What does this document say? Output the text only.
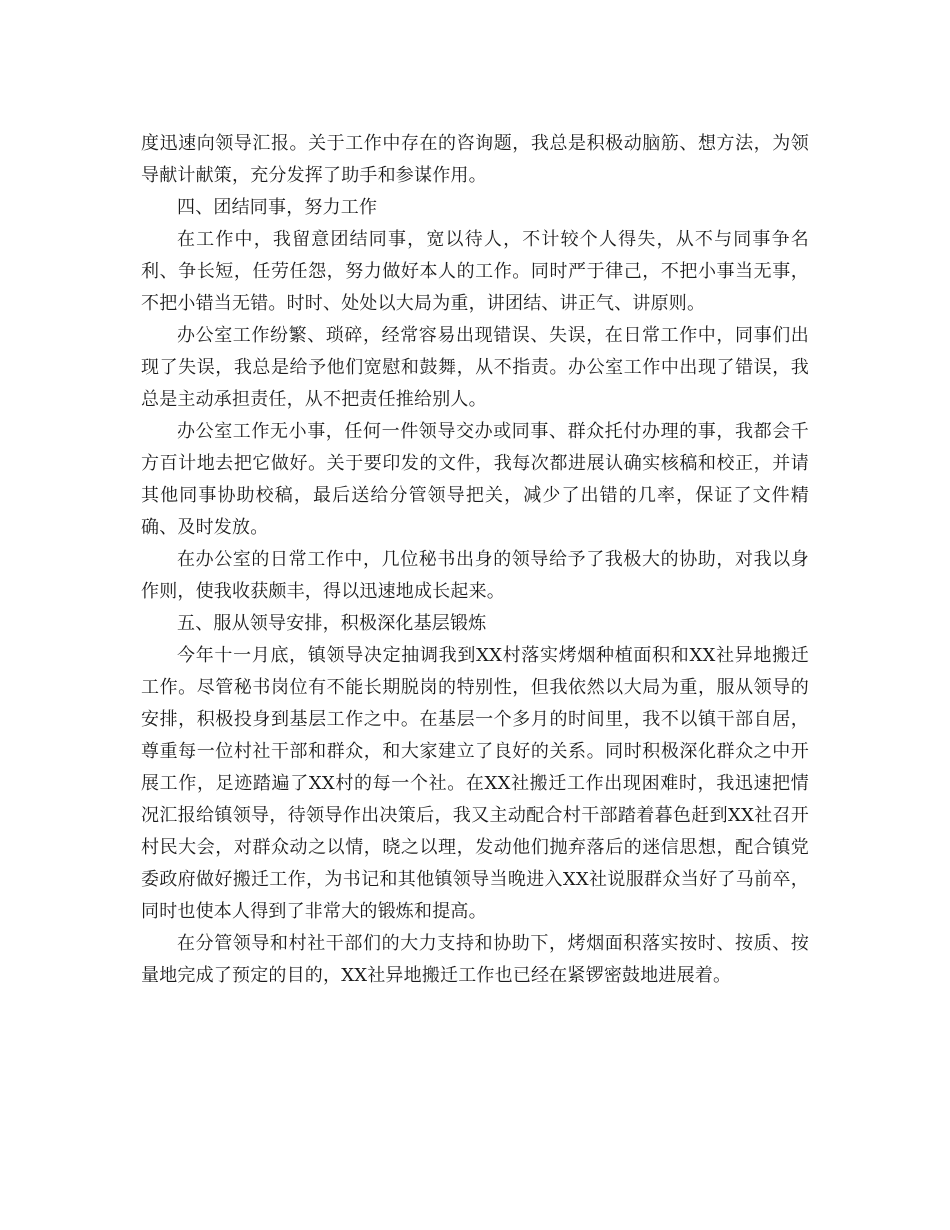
度迅速向领导汇报。关于工作中存在的咨询题，我总是积极动脑筋、想方法，为领导献计献策，充分发挥了助手和参谋作用。

四、团结同事，努力工作

在工作中，我留意团结同事，宽以待人，不计较个人得失，从不与同事争名利、争长短，任劳任怨，努力做好本人的工作。同时严于律己，不把小事当无事，不把小错当无错。时时、处处以大局为重，讲团结、讲正气、讲原则。

办公室工作纷繁、琐碎，经常容易出现错误、失误，在日常工作中，同事们出现了失误，我总是给予他们宽慰和鼓舞，从不指责。办公室工作中出现了错误，我总是主动承担责任，从不把责任推给别人。

办公室工作无小事，任何一件领导交办或同事、群众托付办理的事，我都会千方百计地去把它做好。关于要印发的文件，我每次都进展认确实核稿和校正，并请其他同事协助校稿，最后送给分管领导把关，减少了出错的几率，保证了文件精确、及时发放。

在办公室的日常工作中，几位秘书出身的领导给予了我极大的协助，对我以身作则，使我收获颇丰，得以迅速地成长起来。

五、服从领导安排，积极深化基层锻炼

今年十一月底，镇领导决定抽调我到XX村落实烤烟种植面积和XX社异地搬迁工作。尽管秘书岗位有不能长期脱岗的特别性，但我依然以大局为重，服从领导的安排，积极投身到基层工作之中。在基层一个多月的时间里，我不以镇干部自居，尊重每一位村社干部和群众，和大家建立了良好的关系。同时积极深化群众之中开展工作，足迹踏遍了XX村的每一个社。在XX社搬迁工作出现困难时，我迅速把情况汇报给镇领导，待领导作出决策后，我又主动配合村干部踏着暮色赶到XX社召开村民大会，对群众动之以情，晓之以理，发动他们抛弃落后的迷信思想，配合镇党委政府做好搬迁工作，为书记和其他镇领导当晚进入XX社说服群众当好了马前卒，同时也使本人得到了非常大的锻炼和提高。

在分管领导和村社干部们的大力支持和协助下，烤烟面积落实按时、按质、按量地完成了预定的目的，XX社异地搬迁工作也已经在紧锣密鼓地进展着。
